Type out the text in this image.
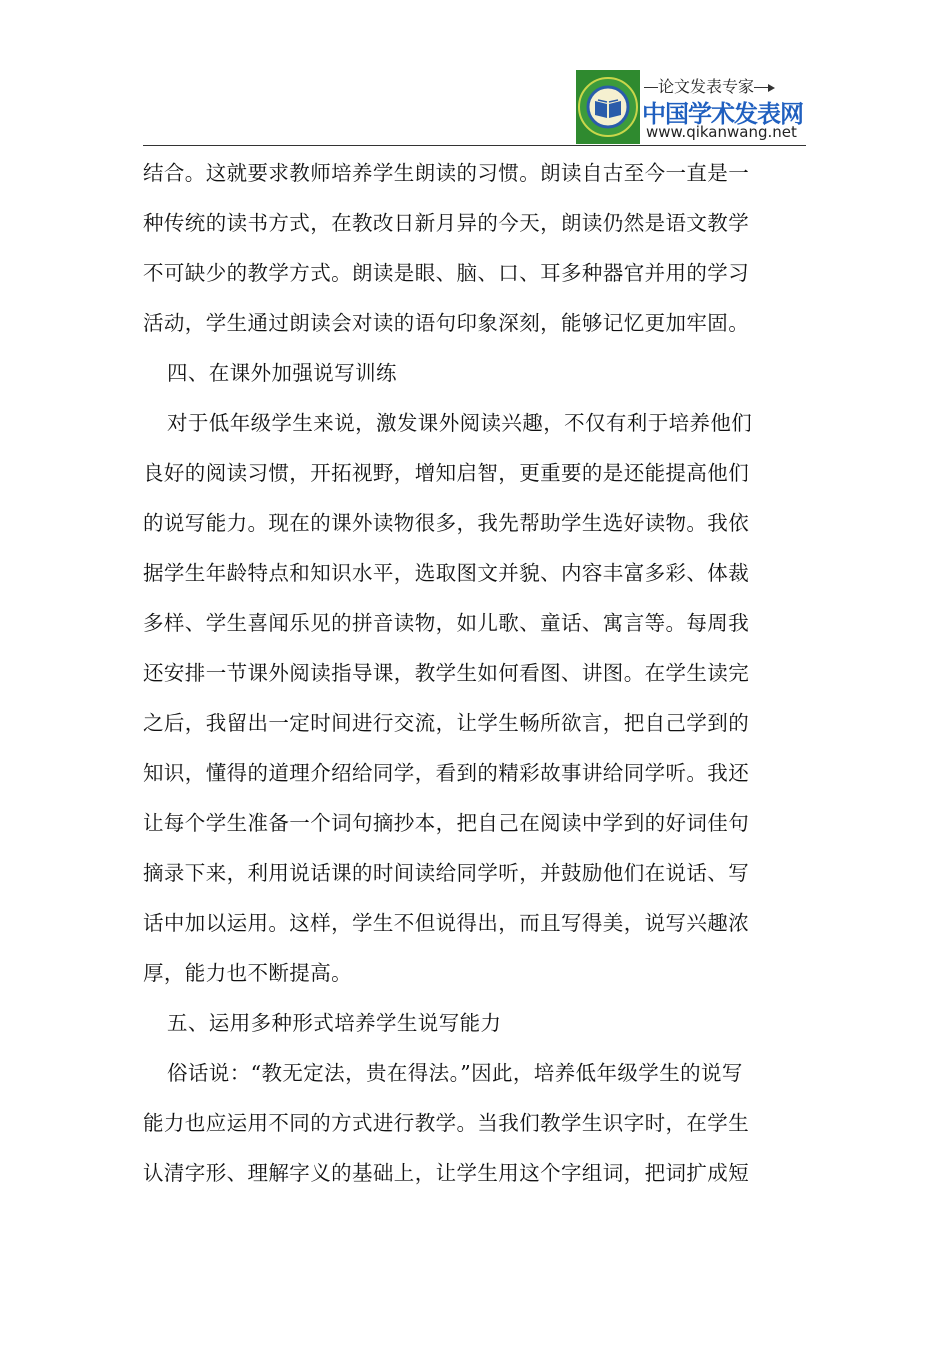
论文发表专家
中国学术发表网
www.qikanwang.net
结合。这就要求教师培养学生朗读的习惯。朗读自古至今一直是一
种传统的读书方式，在教改日新月异的今天，朗读仍然是语文教学
不可缺少的教学方式。朗读是眼、脑、口、耳多种器官并用的学习
活动，学生通过朗读会对读的语句印象深刻，能够记忆更加牢固。
四、在课外加强说写训练
对于低年级学生来说，激发课外阅读兴趣，不仅有利于培养他们
良好的阅读习惯，开拓视野，增知启智，更重要的是还能提高他们
的说写能力。现在的课外读物很多，我先帮助学生选好读物。我依
据学生年龄特点和知识水平，选取图文并貌、内容丰富多彩、体裁
多样、学生喜闻乐见的拼音读物，如儿歌、童话、寓言等。每周我
还安排一节课外阅读指导课，教学生如何看图、讲图。在学生读完
之后，我留出一定时间进行交流，让学生畅所欲言，把自己学到的
知识，懂得的道理介绍给同学，看到的精彩故事讲给同学听。我还
让每个学生准备一个词句摘抄本，把自己在阅读中学到的好词佳句
摘录下来，利用说话课的时间读给同学听，并鼓励他们在说话、写
话中加以运用。这样，学生不但说得出，而且写得美，说写兴趣浓
厚，能力也不断提高。
五、运用多种形式培养学生说写能力
俗话说：“教无定法，贵在得法。”因此，培养低年级学生的说写
能力也应运用不同的方式进行教学。当我们教学生识字时，在学生
认清字形、理解字义的基础上，让学生用这个字组词，把词扩成短
